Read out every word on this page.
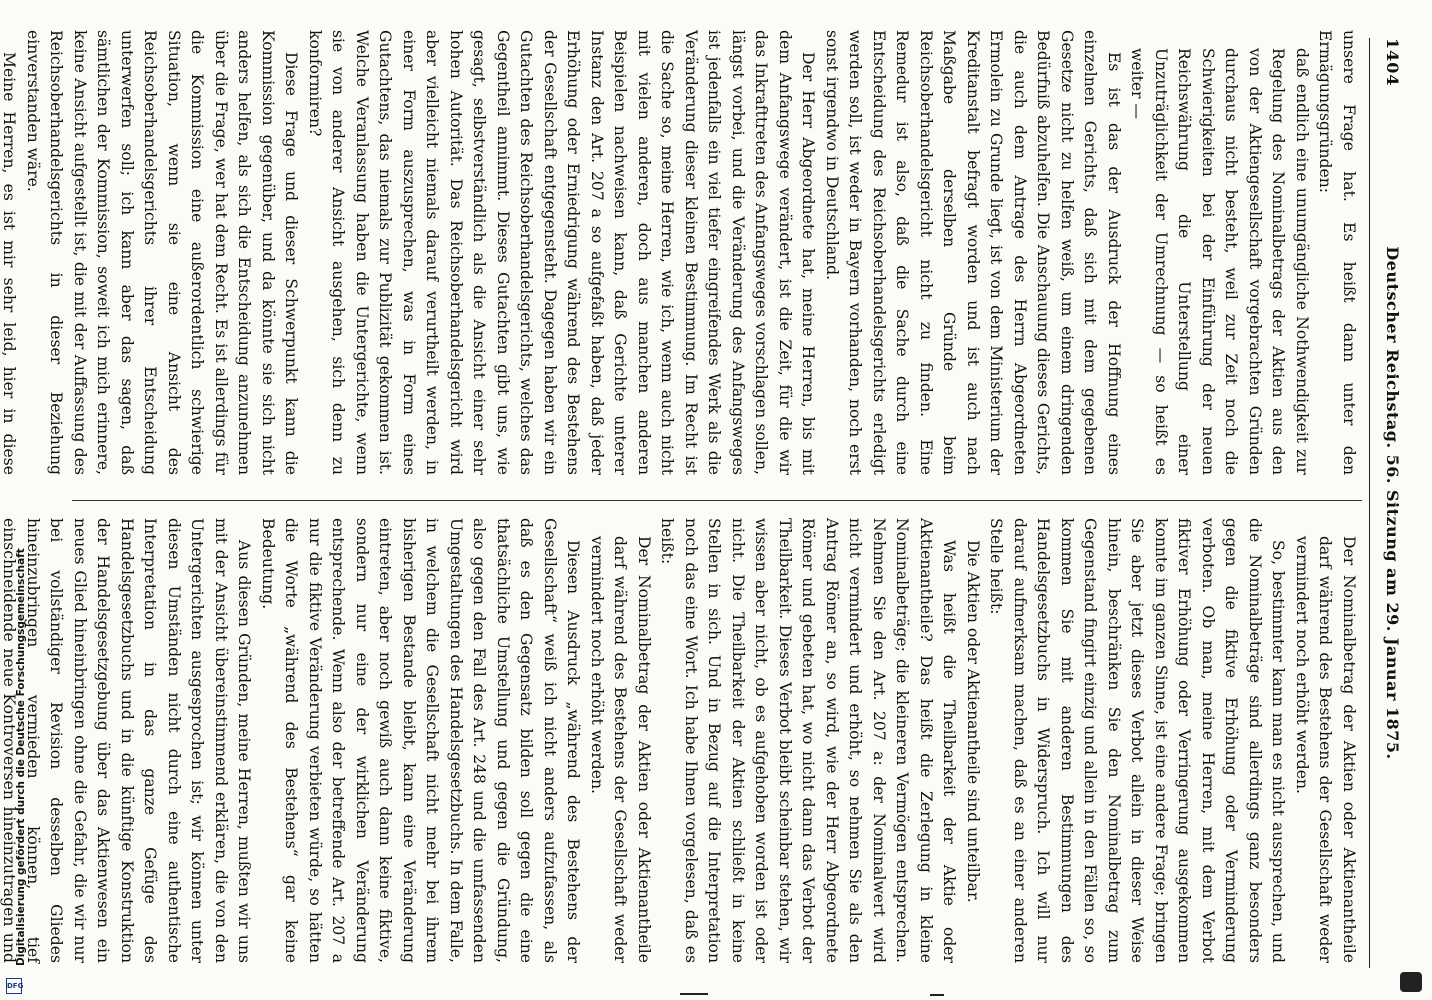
1404
Deutscher Reichstag. 56. Sitzung am 29. Januar 1875.

unsere Frage hat. Es heißt dann unter den Ermägungsgründen:

daß endlich eine unumgängliche Nothwendigkeit zur Regelung des Nominalbetrags der Aktien aus den von der Aktiengesellschaft vorgebrachten Gründen durchaus nicht besteht, weil zur Zeit noch die Schwierigkeiten bei der Einführung der neuen Reichswährung die Unterstellung einer Unzuträglichkeit der Umrechnung — so heißt es weiter —

Es ist das der Ausdruck der Hoffnung eines einzelnen Gerichts, daß sich mit dem gegebenen Gesetze nicht zu helfen weiß, um einem dringenden Bedürfniß abzuhelfen. Die Anschauung dieses Gerichts, die auch dem Antrage des Herrn Abgeordneten Ermolein zu Grunde liegt, ist von dem Ministerium der Kreditanstalt befragt worden und ist auch nach Maßgabe derselben Gründe beim Reichsoberhandelsgericht nicht zu finden. Eine Remedur ist also, daß die Sache durch eine Entscheidung des Reichsoberhandelsgerichts erledigt werden soll, ist weder in Bayern vorhanden, noch erst sonst irgendwo in Deutschland.

Der Herr Abgeordnete hat, meine Herren, bis mit dem Anfangswege verändert, ist die Zeit, für die wir das Inkrafttreten des Anfangsweges vorschlagen sollen, längst vorbei, und die Veränderung des Anfangsweges ist jedenfalls ein viel tiefer eingreifendes Werk als die Veränderung dieser kleinen Bestimmung. Im Recht ist die Sache so, meine Herren, wie ich, wenn auch nicht mit vielen anderen, doch aus manchen anderen Beispielen nachweisen kann, daß Gerichte unterer Instanz den Art. 207 a so aufgefaßt haben, daß jeder Erhöhung oder Erniedrigung während des Bestehens der Gesellschaft entgegensteht. Dagegen haben wir ein Gutachten des Reichsoberhandelsgerichts, welches das Gegentheil annimmt. Dieses Gutachten gibt uns, wie gesagt, selbstverständlich als die Ansicht einer sehr hohen Autorität. Das Reichsoberhandelsgericht wird aber vielleicht niemals darauf verurtheilt werden, in einer Form auszusprechen, was in Form eines Gutachtens, das niemals zur Publizität gekommen ist. Welche Veranlassung haben die Untergerichte, wenn sie von anderer Ansicht ausgehen, sich denn zu konformiren?

Diese Frage und dieser Schwerpunkt kann die Kommission gegenüber, und da könnte sie sich nicht anders helfen, als sich die Entscheidung anzunehmen über die Frage, wer hat dem Recht. Es ist allerdings für die Kommission eine außerordentlich schwierige Situation, wenn sie eine Ansicht des Reichsoberhandelsgerichts ihrer Entscheidung unterwerfen soll; ich kann aber das sagen, daß sämtlichen der Kommission, soweit ich mich erinnere, keine Ansicht aufgestellt ist, die mit der Auffassung des Reichsoberhandelsgerichts in dieser Beziehung einverstanden wäre.

Meine Herren, es ist mir sehr leid, hier in diese

Der Nominalbetrag der Aktien oder Aktienantheile darf während des Bestehens der Gesellschaft weder vermindert noch erhöht werden.

So, bestimmter kann man es nicht aussprechen, und die Nominalbeträge sind allerdings ganz besonders gegen die fiktive Erhöhung oder Verminderung verboten. Ob man, meine Herren, mit dem Verbot fiktiver Erhöhung oder Verringerung ausgekommen konnte im ganzen Sinne, ist eine andere Frage; bringen Sie aber jetzt dieses Verbot allein in dieser Weise hinein, beschränken Sie den Nominalbetrag zum Gegenstand fingirt einzig und allein in den Fällen so, so kommen Sie mit anderen Bestimmungen des Handelsgesetzbuchs in Widerspruch. Ich will nur darauf aufmerksam machen, daß es an einer anderen Stelle heißt:

Die Aktien oder Aktienantheile sind unteilbar.

Was heißt die Theilbarkeit der Aktie oder Aktienantheile? Das heißt die Zerlegung in kleine Nominalbeträge; die kleineren Vermögen entsprechen. Nehmen Sie den Art. 207 a: der Nominalwert wird nicht vermindert und erhöht, so nehmen Sie als den Antrag Römer an, so wird, wie der Herr Abgeordnete Römer und gebeten hat, wo nicht dann das Verbot der Theilbarkeit. Dieses Verbot bleibt scheinbar stehen, wir wissen aber nicht, ob es aufgehoben worden ist oder nicht. Die Theilbarkeit der Aktien schließt in keine Stellen in sich. Und in Bezug auf die Interpretation noch das eine Wort. Ich habe Ihnen vorgelesen, daß es heißt:

Der Nominalbetrag der Aktien oder Aktienantheile darf während des Bestehens der Gesellschaft weder vermindert noch erhöht werden.

Diesen Ausdruck „während des Bestehens der Gesellschaft“ weiß ich nicht anders aufzufassen, als daß es den Gegensatz bilden soll gegen die eine thatsächliche Umstellung und gegen die Gründung, also gegen den Fall des Art. 248 und die umfassenden Umgestaltungen des Handelsgesetzbuchs. In dem Falle, in welchem die Gesellschaft nicht mehr bei ihrem bisherigen Bestande bleibt, kann eine Veränderung eintreten, aber noch gewiß auch dann keine fiktive, sondern nur eine der wirklichen Veränderung entsprechende. Wenn also der betreffende Art. 207 a nur die fiktive Veränderung verbieten würde, so hätten die Worte „während des Bestehens“ gar keine Bedeutung.

Aus diesen Gründen, meine Herren, mußten wir uns mit der Ansicht übereinstimmend erklären, die von den Untergerichten ausgesprochen ist; wir können unter diesen Umständen nicht durch eine authentische Interpretation in das ganze Gefüge des Handelsgesetzbuchs und in die künftige Konstruktion der Handelsgesetzgebung über das Aktienwesen ein neues Glied hineinbringen ohne die Gefahr, die wir nur bei vollständiger Revision desselben Gliedes hineinzubringen vermieden können, tief einschneidende neue Kontroversen hineinzutragen und

Digitalisierung gefördert durch die Deutsche Forschungsgemeinschaft
DFG
